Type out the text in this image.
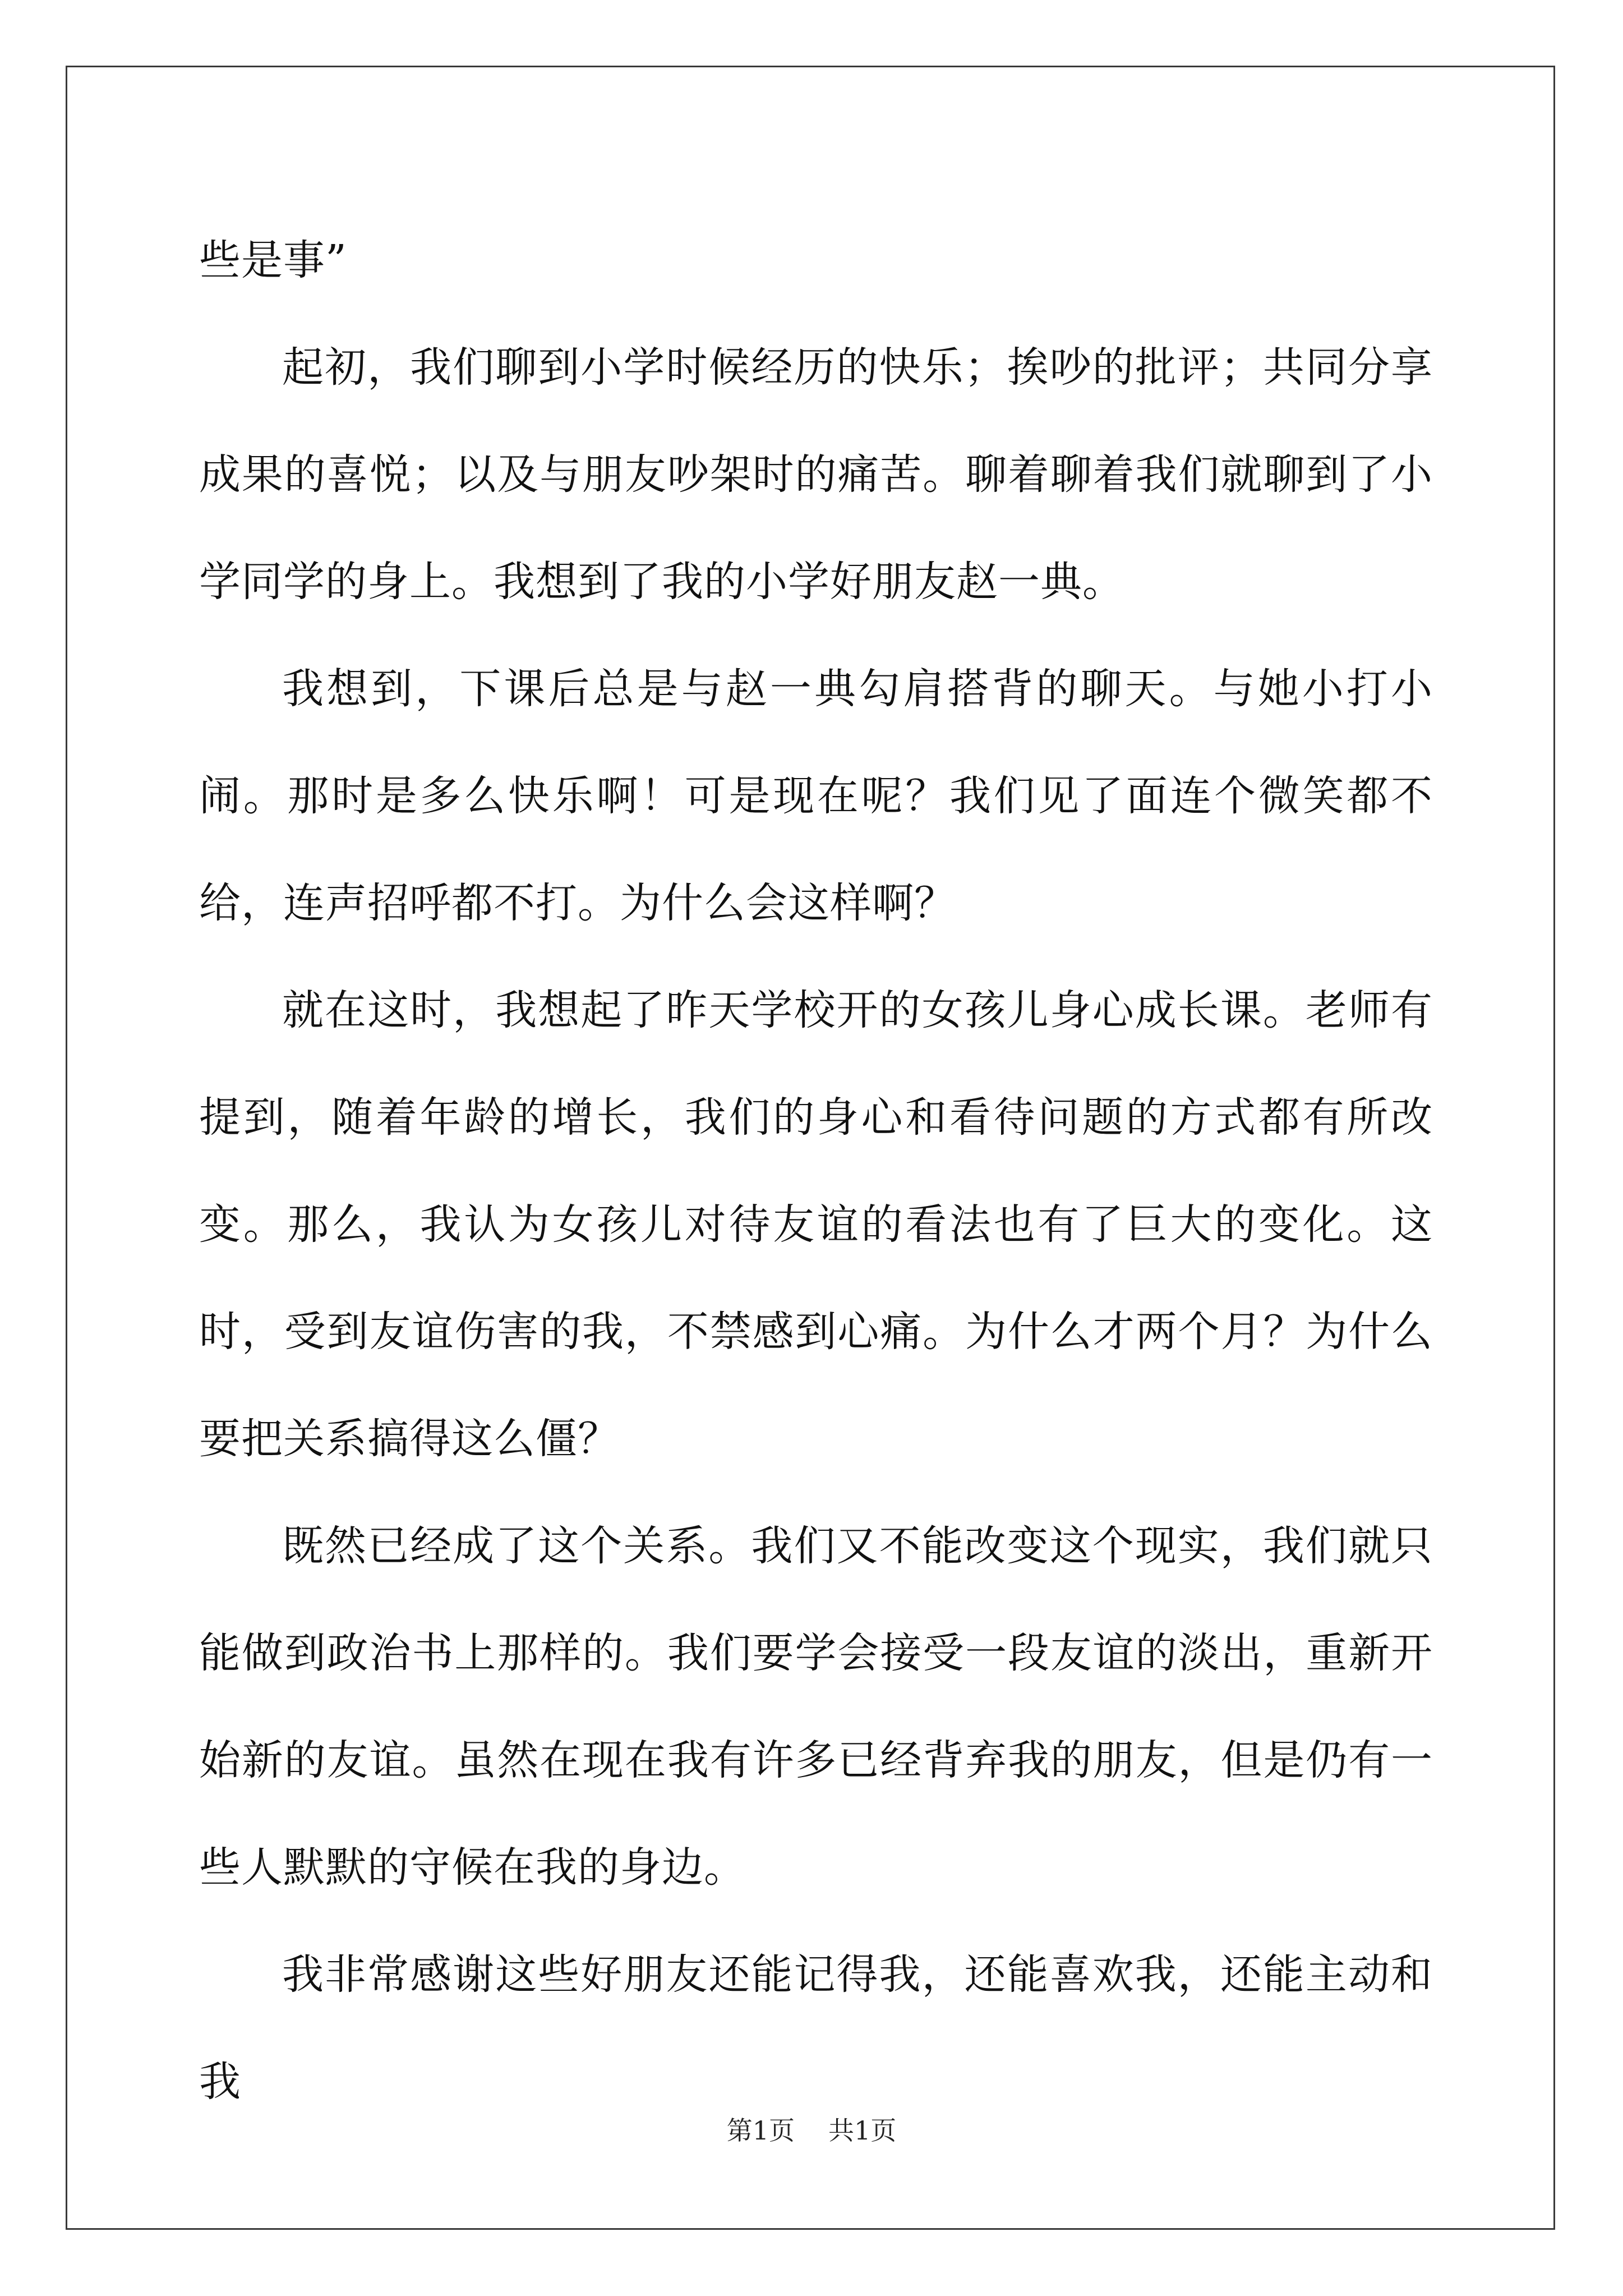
些是事”

起初，我们聊到小学时候经历的快乐；挨吵的批评；共同分享成果的喜悦；以及与朋友吵架时的痛苦。聊着聊着我们就聊到了小学同学的身上。我想到了我的小学好朋友赵一典。

我想到，下课后总是与赵一典勾肩搭背的聊天。与她小打小闹。那时是多么快乐啊！可是现在呢？我们见了面连个微笑都不给，连声招呼都不打。为什么会这样啊？

就在这时，我想起了昨天学校开的女孩儿身心成长课。老师有提到，随着年龄的增长，我们的身心和看待问题的方式都有所改变。那么，我认为女孩儿对待友谊的看法也有了巨大的变化。这时，受到友谊伤害的我，不禁感到心痛。为什么才两个月？为什么要把关系搞得这么僵？

既然已经成了这个关系。我们又不能改变这个现实，我们就只能做到政治书上那样的。我们要学会接受一段友谊的淡出，重新开始新的友谊。虽然在现在我有许多已经背弃我的朋友，但是仍有一些人默默的守候在我的身边。

我非常感谢这些好朋友还能记得我，还能喜欢我，还能主动和我

第1页 共1页
